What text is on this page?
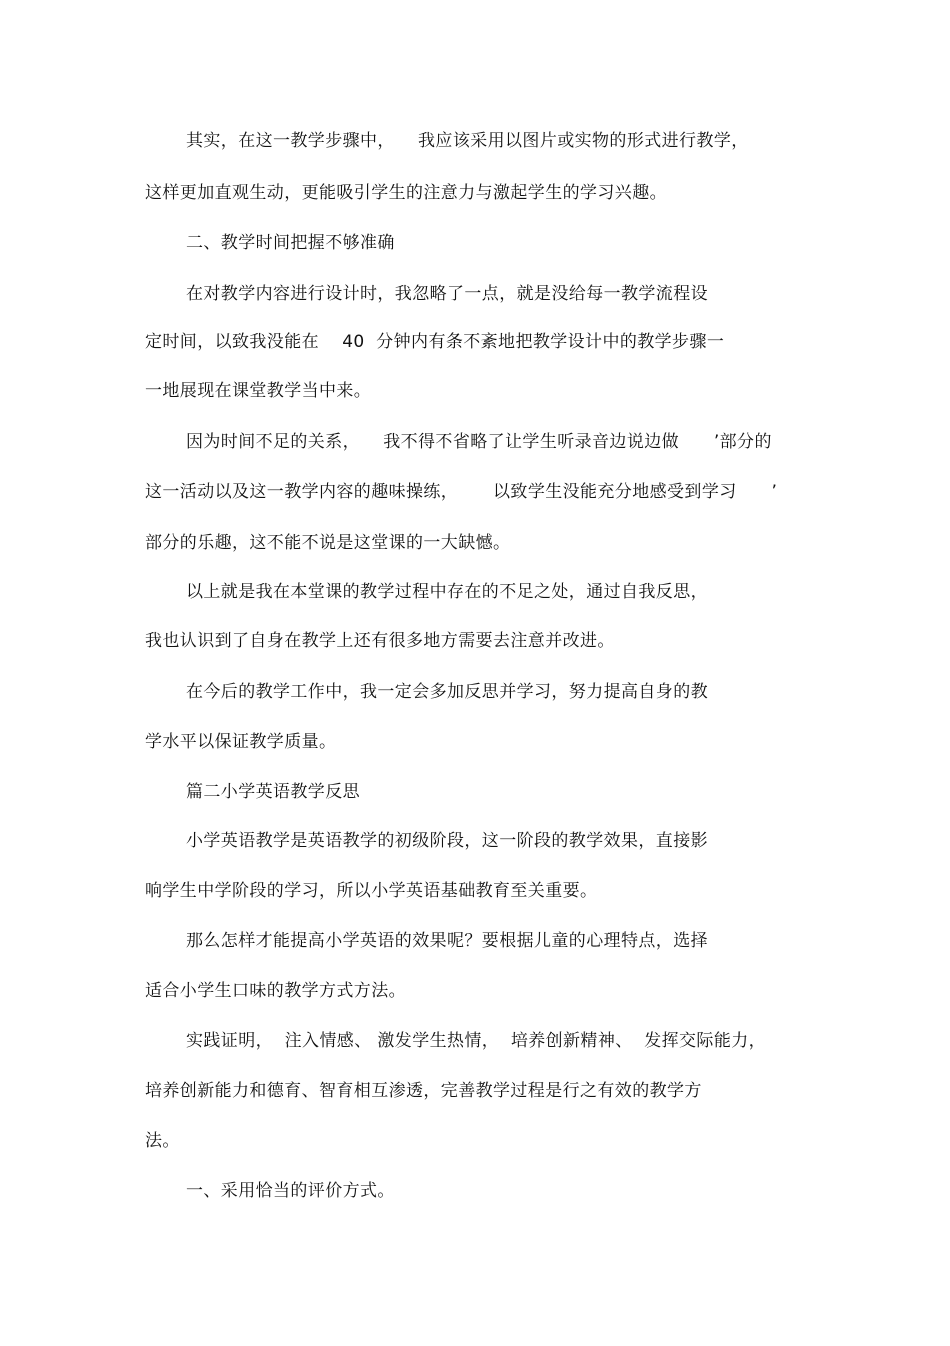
其实，在这一教学步骤中，    我应该采用以图片或实物的形式进行教学，
这样更加直观生动，更能吸引学生的注意力与激起学生的学习兴趣。
二、教学时间把握不够准确
在对教学内容进行设计时，我忽略了一点，就是没给每一教学流程设
定时间，以致我没能在    40  分钟内有条不紊地把教学设计中的教学步骤一
一地展现在课堂教学当中来。
因为时间不足的关系，    我不得不省略了让学生听录音边说边做      ’部分的
这一活动以及这一教学内容的趣味操练，      以致学生没能充分地感受到学习      ’
部分的乐趣，这不能不说是这堂课的一大缺憾。
以上就是我在本堂课的教学过程中存在的不足之处，通过自我反思，
我也认识到了自身在教学上还有很多地方需要去注意并改进。
在今后的教学工作中，我一定会多加反思并学习，努力提高自身的教
学水平以保证教学质量。
篇二小学英语教学反思
小学英语教学是英语教学的初级阶段，这一阶段的教学效果，直接影
响学生中学阶段的学习，所以小学英语基础教育至关重要。
那么怎样才能提高小学英语的效果呢？要根据儿童的心理特点，选择
适合小学生口味的教学方式方法。
实践证明，  注入情感、 激发学生热情，  培养创新精神、  发挥交际能力，
培养创新能力和德育、智育相互渗透，完善教学过程是行之有效的教学方
法。
一、采用恰当的评价方式。
